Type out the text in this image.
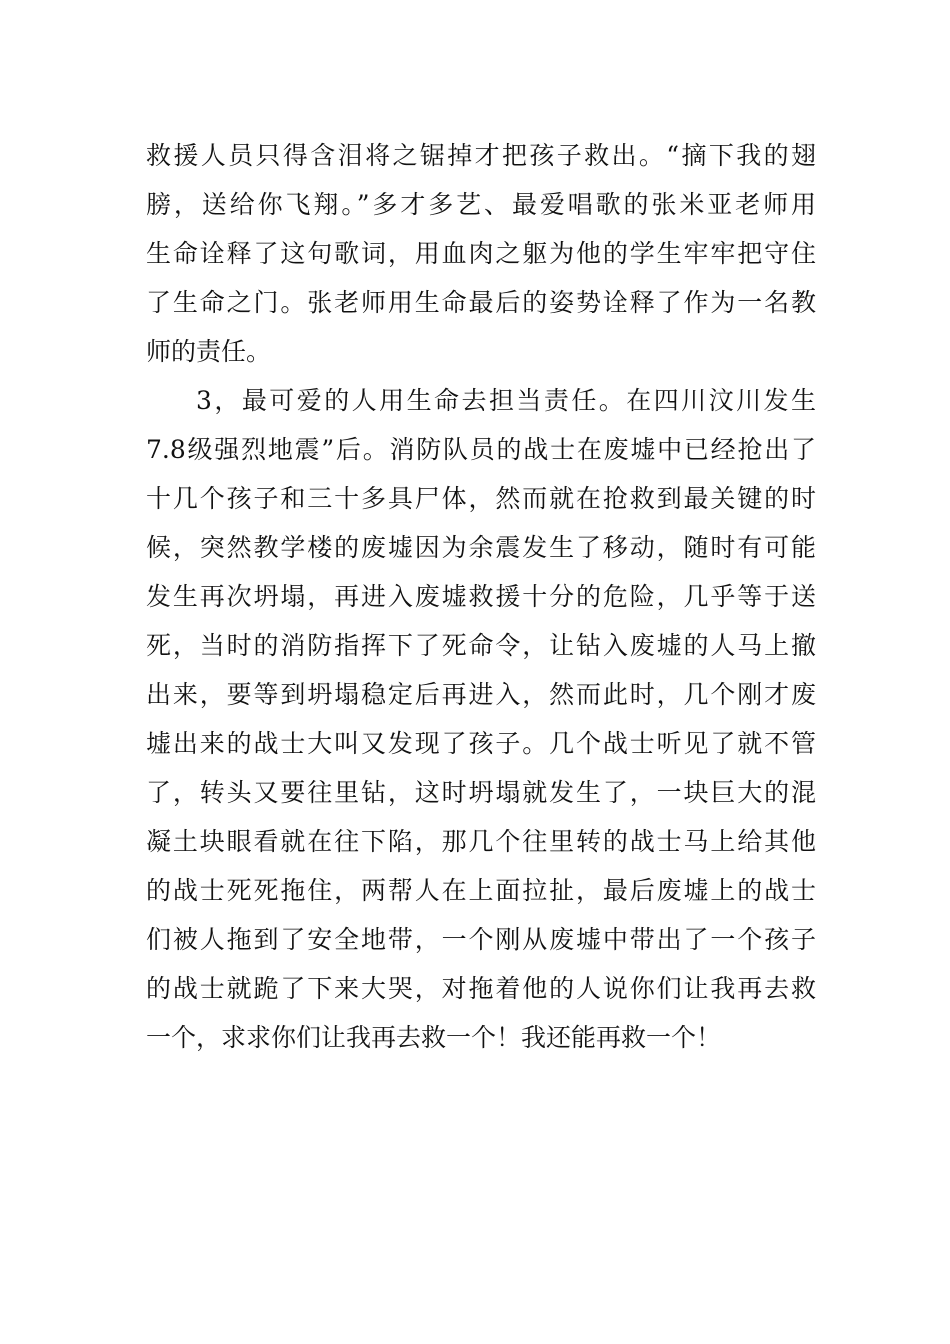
救援人员只得含泪将之锯掉才把孩子救出。“摘下我的翅
膀，送给你飞翔。”多才多艺、最爱唱歌的张米亚老师用
生命诠释了这句歌词，用血肉之躯为他的学生牢牢把守住
了生命之门。张老师用生命最后的姿势诠释了作为一名教
师的责任。
3，最可爱的人用生命去担当责任。在四川汶川发生
7.8级强烈地震”后。消防队员的战士在废墟中已经抢出了
十几个孩子和三十多具尸体，然而就在抢救到最关键的时
候，突然教学楼的废墟因为余震发生了移动，随时有可能
发生再次坍塌，再进入废墟救援十分的危险，几乎等于送
死，当时的消防指挥下了死命令，让钻入废墟的人马上撤
出来，要等到坍塌稳定后再进入，然而此时，几个刚才废
墟出来的战士大叫又发现了孩子。几个战士听见了就不管
了，转头又要往里钻，这时坍塌就发生了，一块巨大的混
凝土块眼看就在往下陷，那几个往里转的战士马上给其他
的战士死死拖住，两帮人在上面拉扯，最后废墟上的战士
们被人拖到了安全地带，一个刚从废墟中带出了一个孩子
的战士就跪了下来大哭，对拖着他的人说你们让我再去救
一个，求求你们让我再去救一个！我还能再救一个！
